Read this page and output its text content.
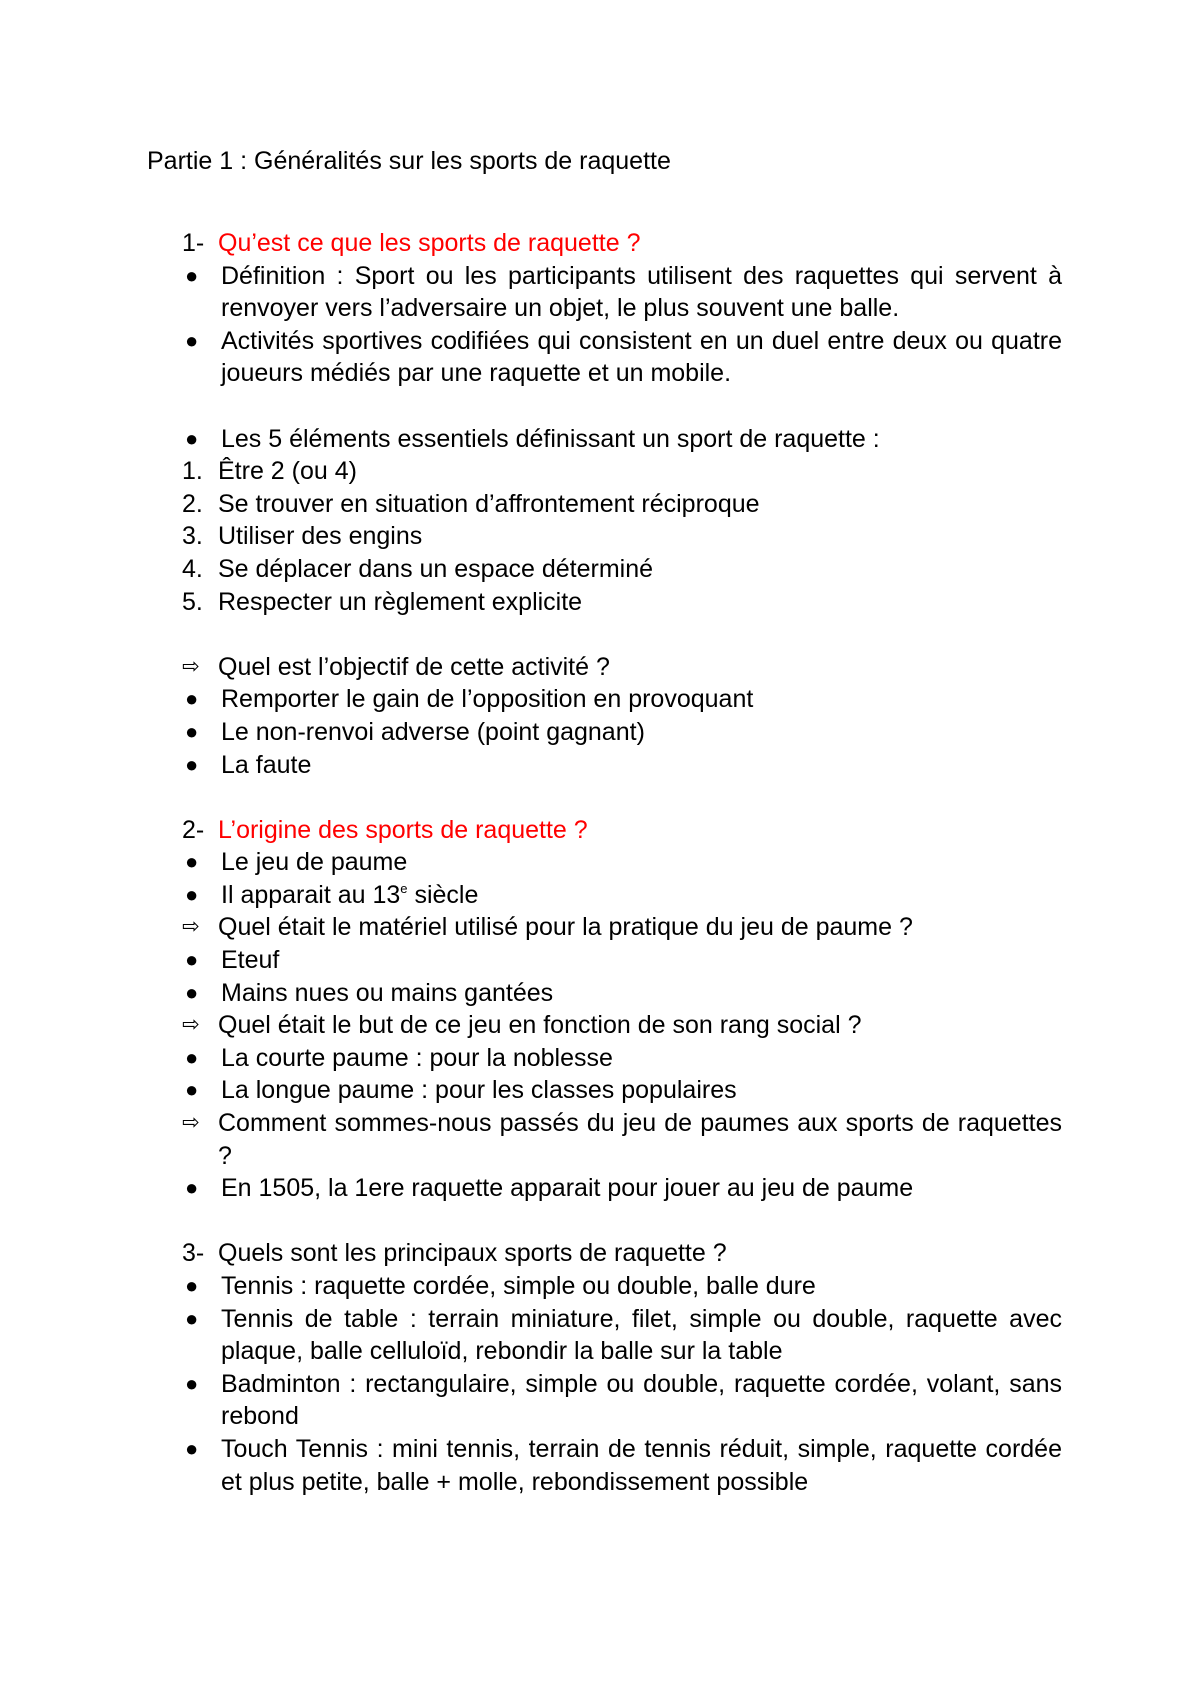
Partie 1 : Généralités sur les sports de raquette
1- Qu’est ce que les sports de raquette ?
● Définition : Sport ou les participants utilisent des raquettes qui servent à renvoyer vers l’adversaire un objet, le plus souvent une balle.
● Activités sportives codifiées qui consistent en un duel entre deux ou quatre joueurs médiés par une raquette et un mobile.
● Les 5 éléments essentiels définissant un sport de raquette :
1. Être 2 (ou 4)
2. Se trouver en situation d’affrontement réciproque
3. Utiliser des engins
4. Se déplacer dans un espace déterminé
5. Respecter un règlement explicite
⇨ Quel est l’objectif de cette activité ?
● Remporter le gain de l’opposition en provoquant
● Le non-renvoi adverse (point gagnant)
● La faute
2- L’origine des sports de raquette ?
● Le jeu de paume
● Il apparait au 13e siècle
⇨ Quel était le matériel utilisé pour la pratique du jeu de paume ?
● Eteuf
● Mains nues ou mains gantées
⇨ Quel était le but de ce jeu en fonction de son rang social ?
● La courte paume : pour la noblesse
● La longue paume : pour les classes populaires
⇨ Comment sommes-nous passés du jeu de paumes aux sports de raquettes ?
● En 1505, la 1ere raquette apparait pour jouer au jeu de paume
3- Quels sont les principaux sports de raquette ?
● Tennis : raquette cordée, simple ou double, balle dure
● Tennis de table : terrain miniature, filet, simple ou double, raquette avec plaque, balle celluloïd, rebondir la balle sur la table
● Badminton : rectangulaire, simple ou double, raquette cordée, volant, sans rebond
● Touch Tennis : mini tennis, terrain de tennis réduit, simple, raquette cordée et plus petite, balle + molle, rebondissement possible
